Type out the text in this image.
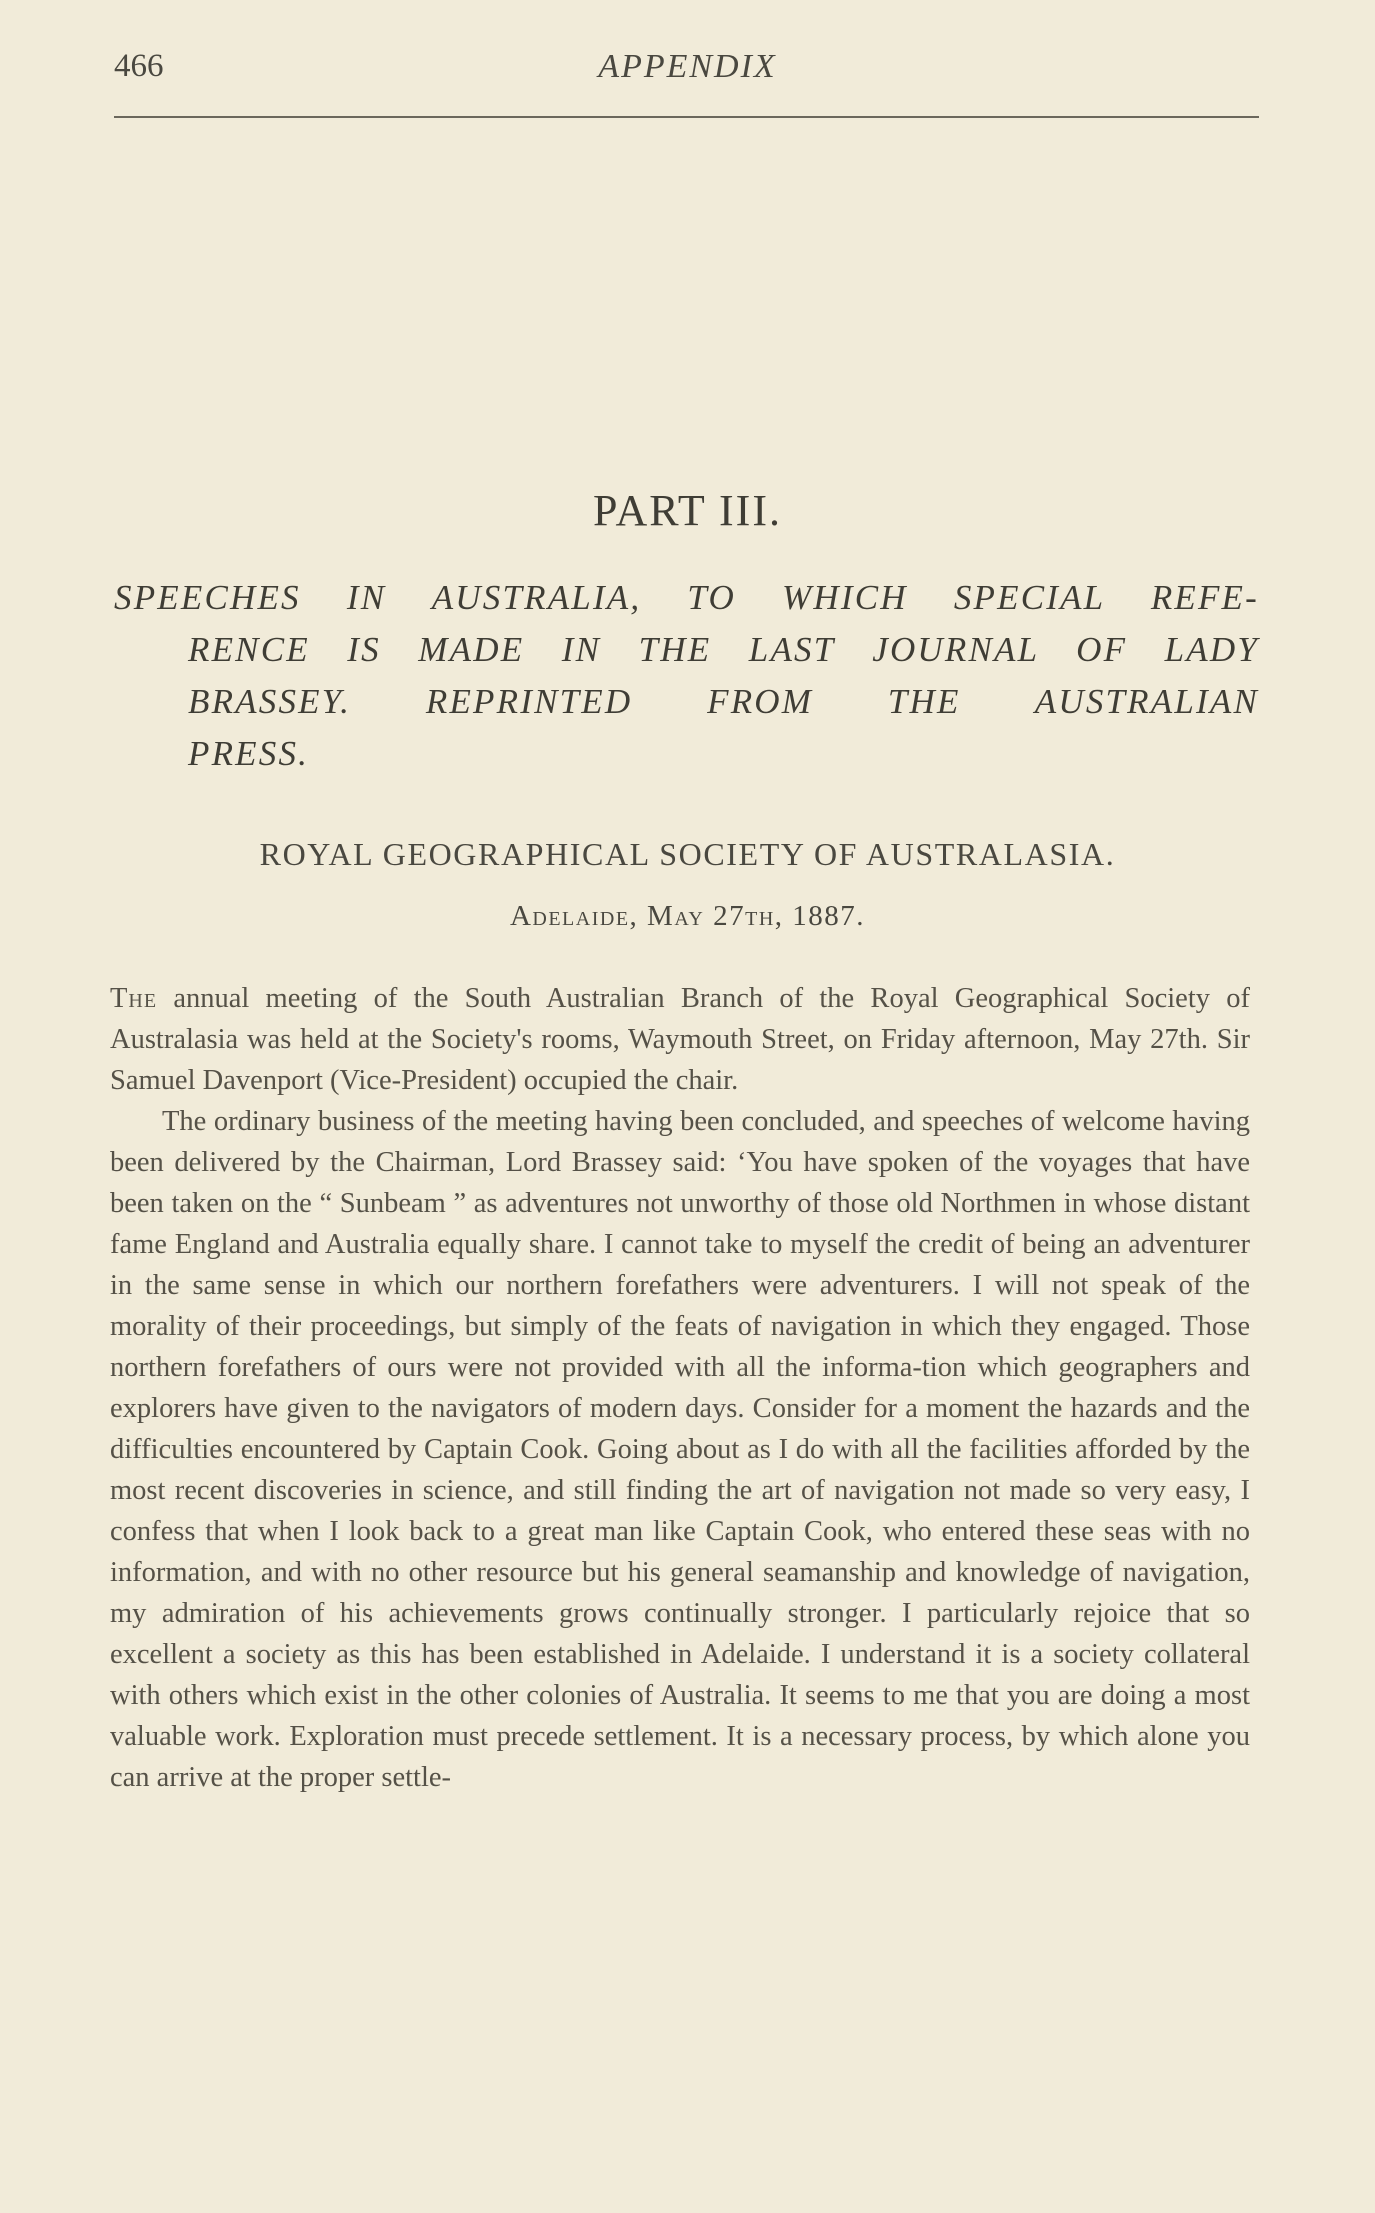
466	APPENDIX
PART III.
SPEECHES IN AUSTRALIA, TO WHICH SPECIAL REFE-
RENCE IS MADE IN THE LAST JOURNAL OF LADY
BRASSEY. REPRINTED FROM THE AUSTRALIAN
PRESS.
ROYAL GEOGRAPHICAL SOCIETY OF AUSTRALASIA.
Adelaide, May 27th, 1887.

The annual meeting of the South Australian Branch of the Royal Geographical Society of Australasia was held at the Society's rooms, Waymouth Street, on Friday afternoon, May 27th. Sir Samuel Davenport (Vice-President) occupied the chair.

The ordinary business of the meeting having been concluded, and speeches of welcome having been delivered by the Chairman, Lord Brassey said: ‘You have spoken of the voyages that have been taken on the “ Sunbeam ” as adventures not unworthy of those old Northmen in whose distant fame England and Australia equally share. I cannot take to myself the credit of being an adventurer in the same sense in which our northern forefathers were adventurers. I will not speak of the morality of their proceedings, but simply of the feats of navigation in which they engaged. Those northern forefathers of ours were not provided with all the informa-tion which geographers and explorers have given to the navigators of modern days. Consider for a moment the hazards and the difficulties encountered by Captain Cook. Going about as I do with all the facilities afforded by the most recent discoveries in science, and still finding the art of navigation not made so very easy, I confess that when I look back to a great man like Captain Cook, who entered these seas with no information, and with no other resource but his general seamanship and knowledge of navigation, my admiration of his achievements grows continually stronger. I particularly rejoice that so excellent a society as this has been established in Adelaide. I understand it is a society collateral with others which exist in the other colonies of Australia. It seems to me that you are doing a most valuable work. Exploration must precede settlement. It is a necessary process, by which alone you can arrive at the proper settle-
